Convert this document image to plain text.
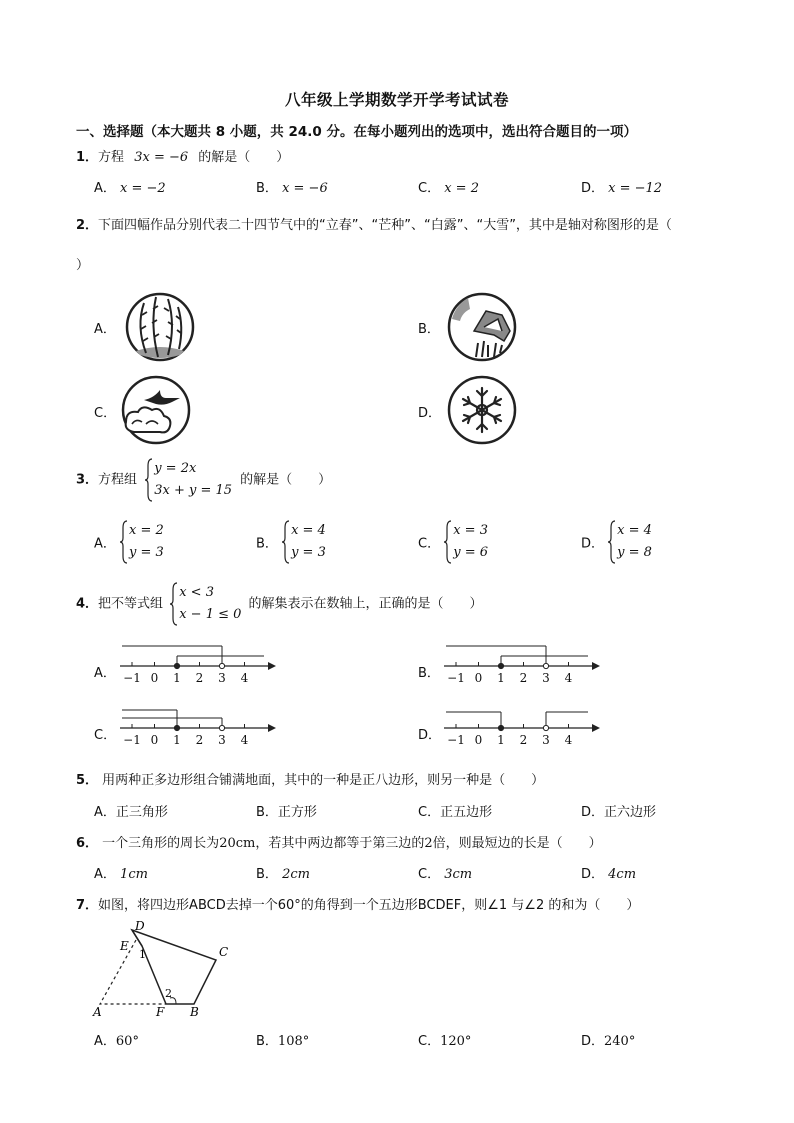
八年级上学期数学开学考试试卷
一、选择题（本大题共 8 小题，共 24.0 分。在每小题列出的选项中，选出符合题目的一项）
1．方程 3x = −6 的解是（　　）
A． x = −2	B． x = −6	C． x = 2	D． x = −12
2．下面四幅作品分别代表二十四节气中的“立春”、“芒种”、“白露”、“大雪”，其中是轴对称图形的是（
）
A．	B．
C．	D．
3．方程组
y = 2x
3x + y = 15 的解是（　　）
A．
x = 2
y = 3
B．
x = 4
y = 3
C．
x = 3
y = 6
D．
x = 4
y = 8
4．把不等式组
x < 3
x − 1 ≤ 0 的解集表示在数轴上，正确的是（　　）
A． −1 0 1 2 3 4	B． −1 0 1 2 3 4
C． −1 0 1 2 3 4	D． −1 0 1 2 3 4
5． 用两种正多边形组合铺满地面，其中的一种是正八边形，则另一种是（　　）
A．正三角形	B．正方形	C．正五边形	D．正六边形
6． 一个三角形的周长为20cm，若其中两边都等于第三边的2倍，则最短边的长是（　　）
A． 1cm	B． 2cm	C． 3cm	D． 4cm
7．如图，将四边形ABCD去掉一个60°的角得到一个五边形BCDEF，则∠1 与∠2 的和为（　　）
D
C
E
A	F B
1
2
A．60°	B．108°	C．120°	D．240°
